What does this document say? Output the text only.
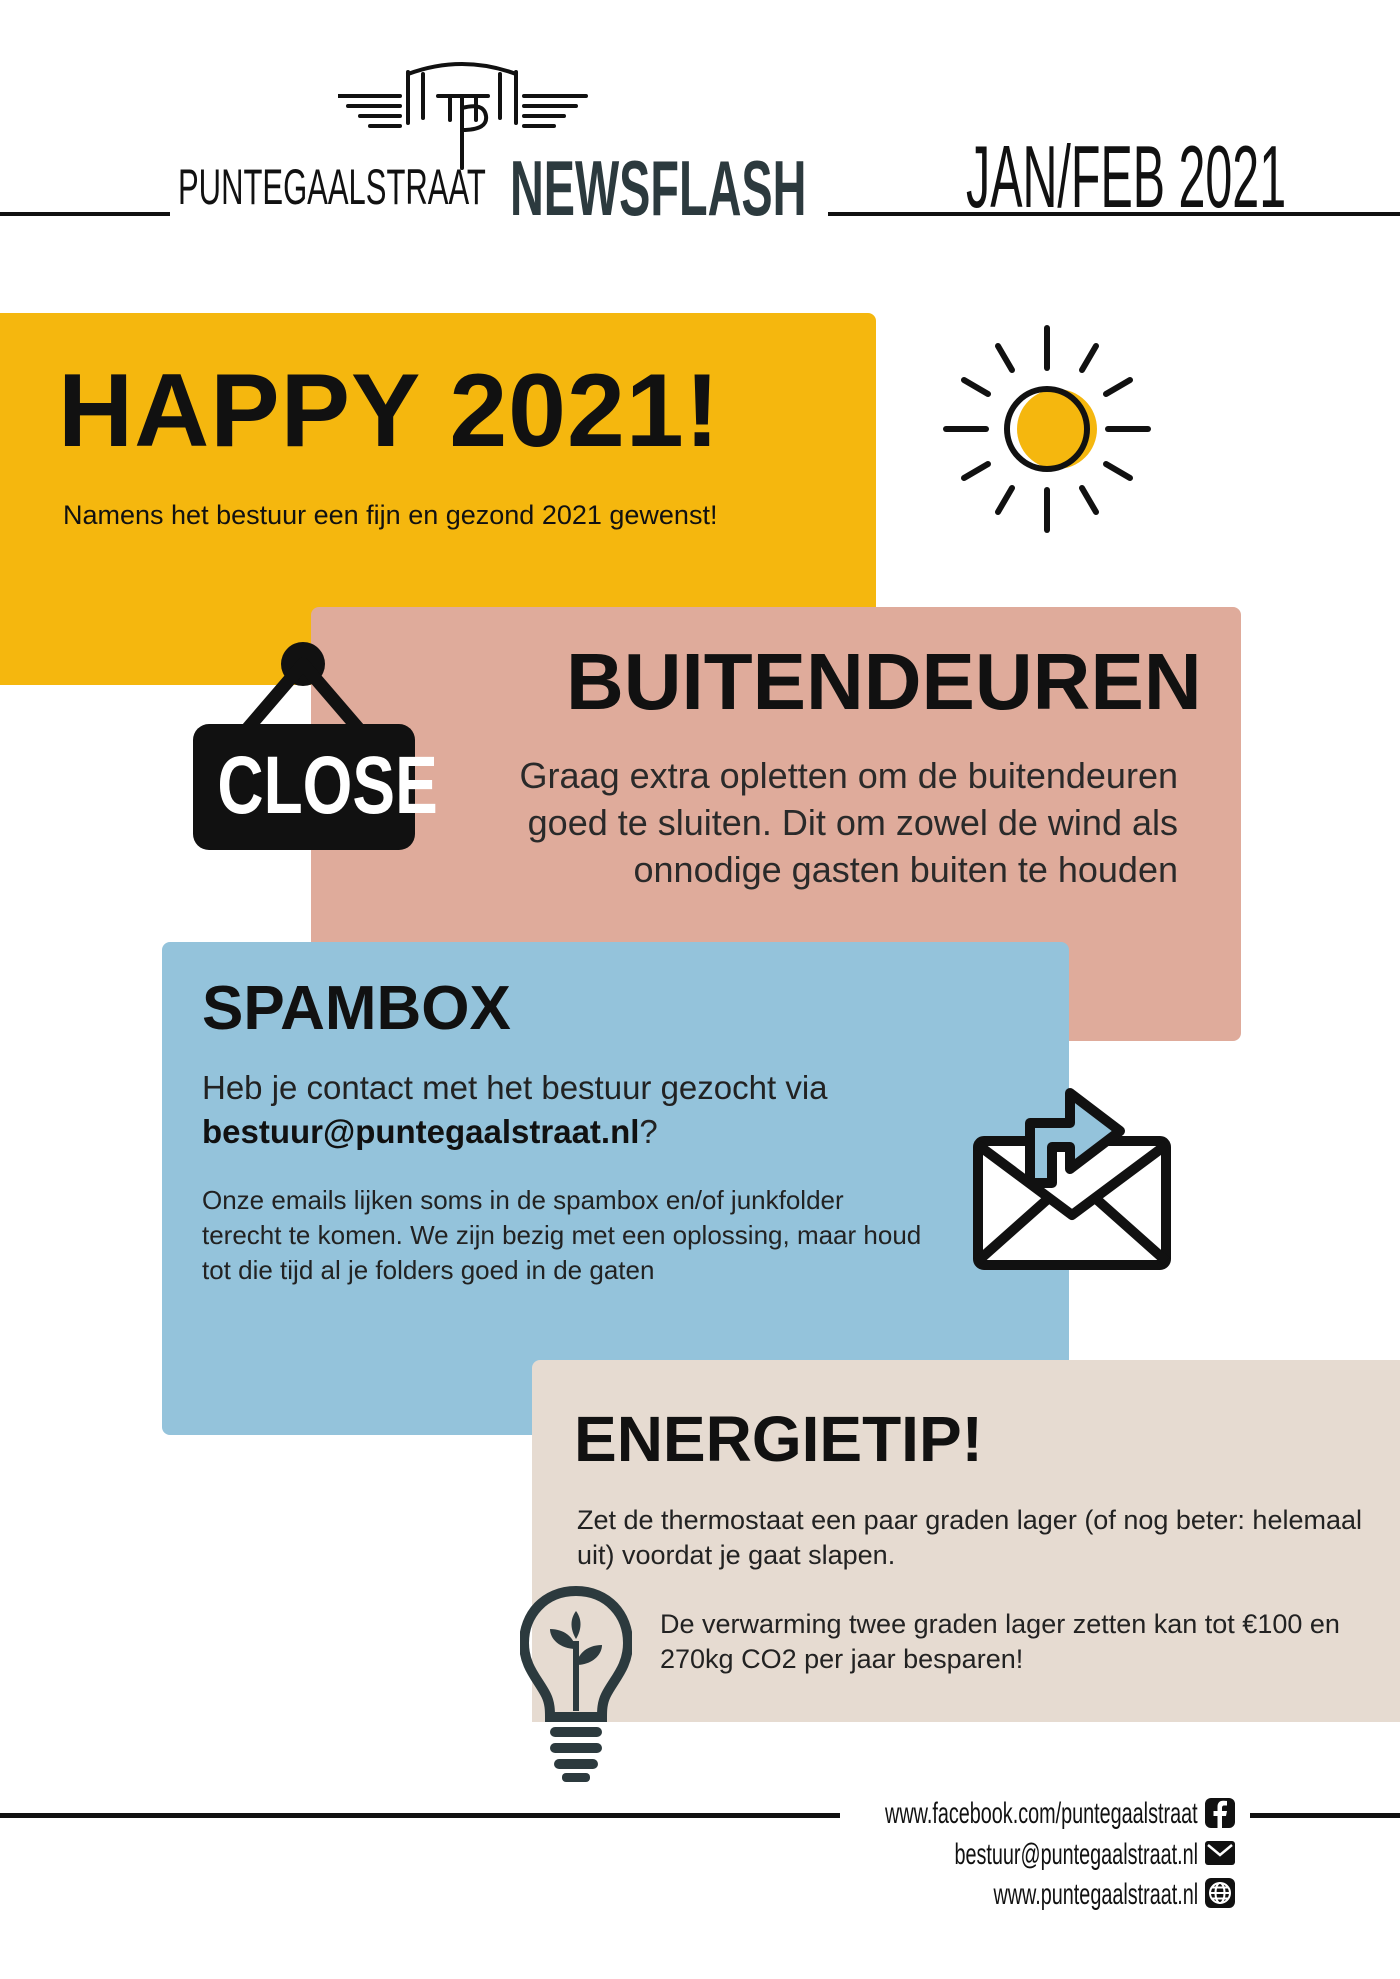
PUNTEGAALSTRAAT NEWSFLASH JAN/FEB 2021
HAPPY 2021!
Namens het bestuur een fijn en gezond 2021 gewenst!
BUITENDEUREN
Graag extra opletten om de buitendeuren goed te sluiten. Dit om zowel de wind als onnodige gasten buiten te houden
CLOSE
SPAMBOX
Heb je contact met het bestuur gezocht via
bestuur@puntegaalstraat.nl?
Onze emails lijken soms in de spambox en/of junkfolder terecht te komen. We zijn bezig met een oplossing, maar houd tot die tijd al je folders goed in de gaten
ENERGIETIP!
Zet de thermostaat een paar graden lager (of nog beter: helemaal uit) voordat je gaat slapen.
De verwarming twee graden lager zetten kan tot €100 en 270kg CO2 per jaar besparen!
www.facebook.com/puntegaalstraat
bestuur@puntegaalstraat.nl
www.puntegaalstraat.nl
